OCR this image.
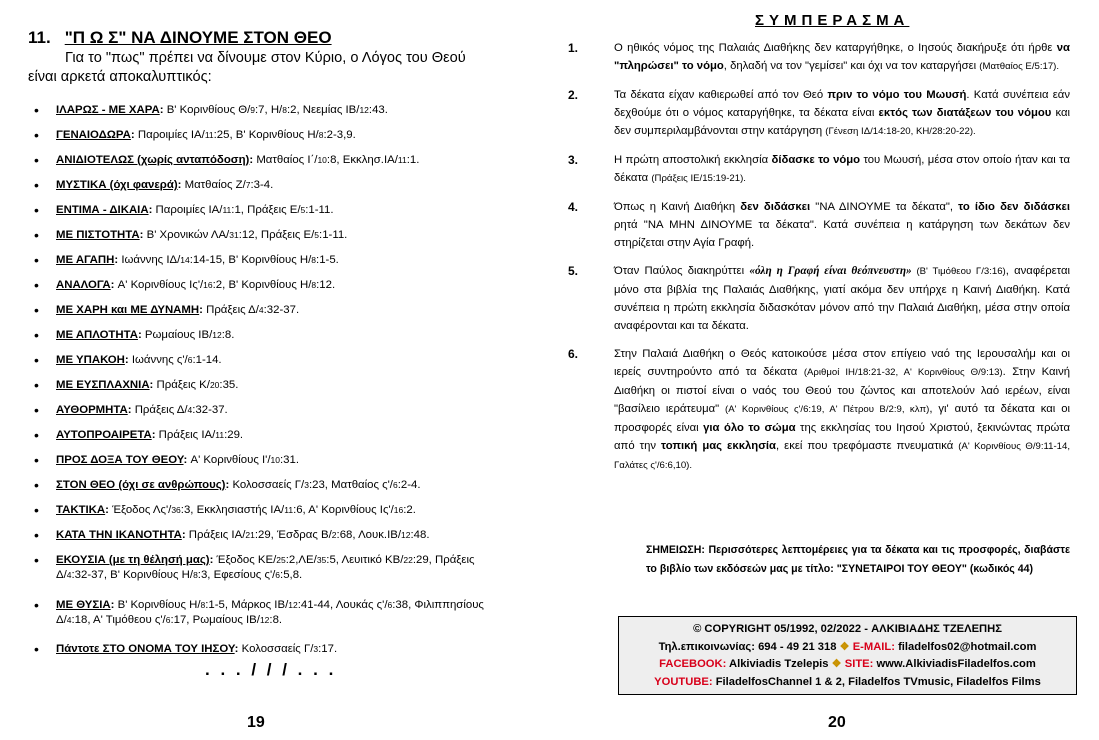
11. "Π Ω Σ" ΝΑ ΔΙΝΟΥΜΕ ΣΤΟΝ ΘΕΟ
Για το "πως" πρέπει να δίνουμε στον Κύριο, ο Λόγος του Θεού
είναι αρκετά αποκαλυπτικός:
• ΙΛΑΡΩΣ - ΜΕ ΧΑΡΑ: Β' Κορινθίους Θ/9:7, Η/8:2, Νεεμίας ΙΒ/12:43.
• ΓΕΝΑΙΟΔΩΡΑ: Παροιμίες ΙΑ/11:25, Β' Κορινθίους Η/8:2-3,9.
• ΑΝΙΔΙΟΤΕΛΩΣ (χωρίς ανταπόδοση): Ματθαίος Ι΄/10:8, Εκκλησ.ΙΑ/11:1.
• ΜΥΣΤΙΚΑ (όχι φανερά): Ματθαίος Ζ/7:3-4.
• ΕΝΤΙΜΑ - ΔΙΚΑΙΑ: Παροιμίες ΙΑ/11:1, Πράξεις Ε/5:1-11.
• ΜΕ ΠΙΣΤΟΤΗΤΑ: Β' Χρονικών ΛΑ/31:12, Πράξεις Ε/5:1-11.
• ΜΕ ΑΓΑΠΗ: Ιωάννης ΙΔ/14:14-15, Β' Κορινθίους Η/8:1-5.
• ΑΝΑΛΟΓΑ: Α' Κορινθίους Ις'/16:2, Β' Κορινθίους Η/8:12.
• ΜΕ ΧΑΡΗ και ΜΕ ΔΥΝΑΜΗ: Πράξεις Δ/4:32-37.
• ΜΕ ΑΠΛΟΤΗΤΑ: Ρωμαίους ΙΒ/12:8.
• ΜΕ ΥΠΑΚΟΗ: Ιωάννης ς'/6:1-14.
• ΜΕ ΕΥΣΠΛΑΧΝΙΑ: Πράξεις Κ/20:35.
• ΑΥΘΟΡΜΗΤΑ: Πράξεις Δ/4:32-37.
• ΑΥΤΟΠΡΟΑΙΡΕΤΑ: Πράξεις ΙΑ/11:29.
• ΠΡΟΣ ΔΟΞΑ ΤΟΥ ΘΕΟΥ: Α' Κορινθίους Ι'/10:31.
• ΣΤΟΝ ΘΕΟ (όχι σε ανθρώπους): Κολοσσαείς Γ/3:23, Ματθαίος ς'/6:2-4.
• ΤΑΚΤΙΚΑ: Έξοδος Λς'/36:3, Εκκλησιαστής ΙΑ/11:6, Α' Κορινθίους Ις'/16:2.
• ΚΑΤΑ ΤΗΝ ΙΚΑΝΟΤΗΤΑ: Πράξεις ΙΑ/21:29, Έσδρας Β/2:68, Λουκ.ΙΒ/12:48.
• ΕΚΟΥΣΙΑ (με τη θέλησή μας): Έξοδος ΚΕ/25:2,ΛΕ/35:5, Λευιτικό ΚΒ/22:29, Πράξεις Δ/4:32-37, Β' Κορινθίους Η/8:3, Εφεσίους ς'/6:5,8.
• ΜΕ ΘΥΣΙΑ: Β' Κορινθίους Η/8:1-5, Μάρκος ΙΒ/12:41-44, Λουκάς ς'/6:38, Φιλιππησίους Δ/4:18, Α' Τιμόθεου ς'/6:17, Ρωμαίους ΙΒ/12:8.
• Πάντοτε ΣΤΟ ΟΝΟΜΑ ΤΟΥ ΙΗΣΟΥ: Κολοσσαείς Γ/3:17.
. . . / / / . . .
19
ΣΥΜΠΕΡΑΣΜΑ
1.	Ο ηθικός νόμος της Παλαιάς Διαθήκης δεν καταργήθηκε, ο Ιησούς διακήρυξε ότι ήρθε να "πληρώσει" το νόμο, δηλαδή να τον "γεμίσει" και όχι να τον καταργήσει (Ματθαίος Ε/5:17).
2.	Τα δέκατα είχαν καθιερωθεί από τον Θεό πριν το νόμο του Μωυσή. Κατά συνέπεια εάν δεχθούμε ότι ο νόμος καταργήθηκε, τα δέκατα είναι εκτός των διατάξεων του νόμου και δεν συμπεριλαμβάνονται στην κατάργηση (Γένεση ΙΔ/14:18-20, ΚΗ/28:20-22).
3.	Η πρώτη αποστολική εκκλησία δίδασκε το νόμο του Μωυσή, μέσα στον οποίο ήταν και τα δέκατα (Πράξεις ΙΕ/15:19-21).
4.	Όπως η Καινή Διαθήκη δεν διδάσκει "ΝΑ ΔΙΝΟΥΜΕ τα δέκατα", το ίδιο δεν διδάσκει ρητά "ΝΑ ΜΗΝ ΔΙΝΟΥΜΕ τα δέκατα". Κατά συνέπεια η κατάργηση των δεκάτων δεν στηρίζεται στην Αγία Γραφή.
5.	Όταν Παύλος διακηρύττει «όλη η Γραφή είναι θεόπνευστη» (Β' Τιμόθεου Γ/3:16), αναφέρεται μόνο στα βιβλία της Παλαιάς Διαθήκης, γιατί ακόμα δεν υπήρχε η Καινή Διαθήκη. Κατά συνέπεια η πρώτη εκκλησία διδασκόταν μόνον από την Παλαιά Διαθήκη, μέσα στην οποία αναφέρονται και τα δέκατα.
6.	Στην Παλαιά Διαθήκη ο Θεός κατοικούσε μέσα στον επίγειο ναό της Ιερουσαλήμ και οι ιερείς συντηρούντο από τα δέκατα (Αριθμοί ΙΗ/18:21-32, Α' Κορινθίους Θ/9:13). Στην Καινή Διαθήκη οι πιστοί είναι ο ναός του Θεού του ζώντος και αποτελούν λαό ιερέων, είναι "βασίλειο ιεράτευμα" (Α' Κορινθίους ς'/6:19, Α' Πέτρου Β/2:9, κλπ), γι' αυτό τα δέκατα και οι προσφορές είναι για όλο το σώμα της εκκλησίας του Ιησού Χριστού, ξεκινώντας πρώτα από την τοπική μας εκκλησία, εκεί που τρεφόμαστε πνευματικά (Α' Κορινθίους Θ/9:11-14, Γαλάτες ς'/6:6,10).
ΣΗΜΕΙΩΣΗ: Περισσότερες λεπτομέρειες για τα δέκατα και τις προσφορές, διαβάστε το βιβλίο των εκδόσεών μας με τίτλο: "ΣΥΝΕΤΑΙΡΟΙ ΤΟΥ ΘΕΟΥ" (κωδικός 44)
© COPYRIGHT 05/1992, 02/2022 - ΑΛΚΙΒΙΑΔΗΣ ΤΖΕΛΕΠΗΣ
Τηλ.επικοινωνίας: 694 - 49 21 318 ❖ E-MAIL: filadelfos02@hotmail.com
FACEBOOK: Alkiviadis Tzelepis ❖ SITE: www.AlkiviadisFiladelfos.com
YOUTUBE: FiladelfosChannel 1 & 2, Filadelfos TVmusic, Filadelfos Films
20
